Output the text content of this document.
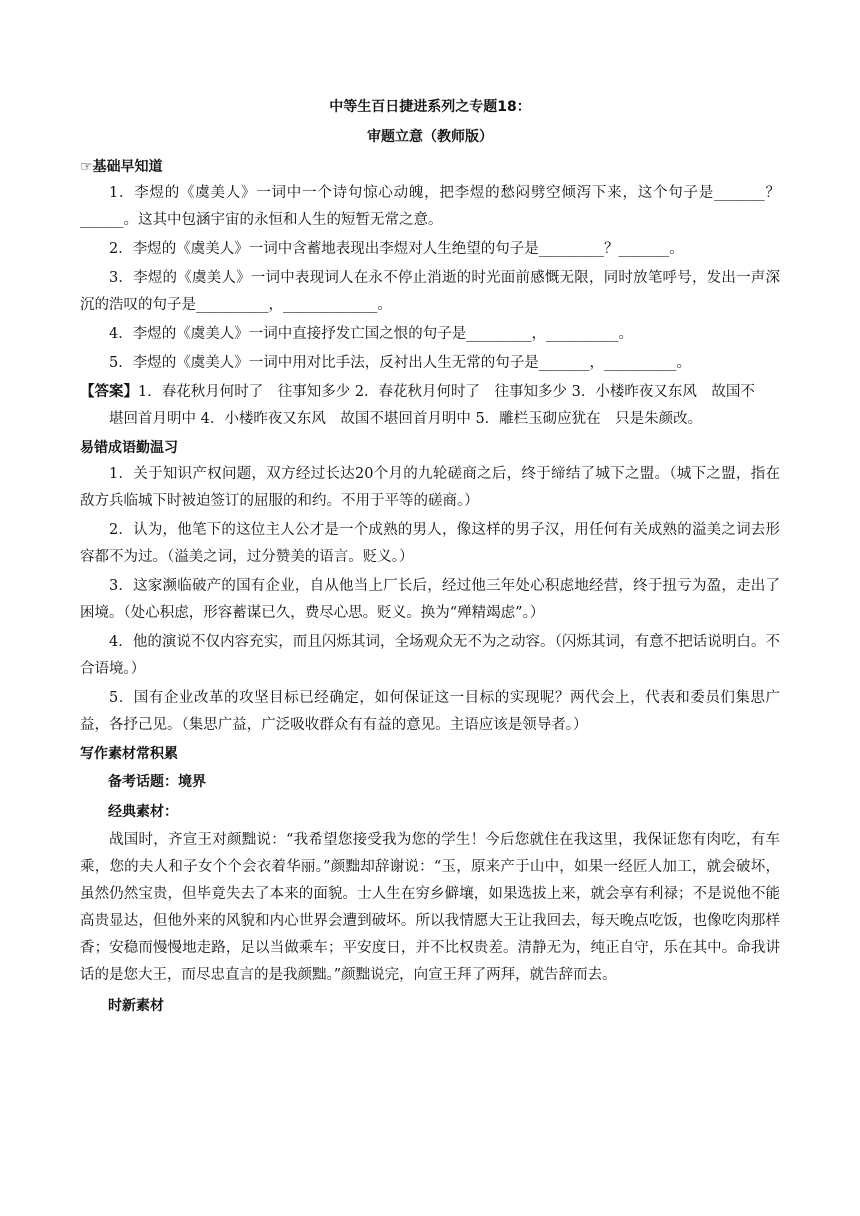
中等生百日捷进系列之专题18：
审题立意（教师版）
☞基础早知道

1．李煜的《虞美人》一词中一个诗句惊心动魄，把李煜的愁闷劈空倾泻下来，这个句子是_______？______。这其中包涵宇宙的永恒和人生的短暂无常之意。

2．李煜的《虞美人》一词中含蓄地表现出李煜对人生绝望的句子是_________？_______。

3．李煜的《虞美人》一词中表现词人在永不停止消逝的时光面前感慨无限，同时放笔呼号，发出一声深沉的浩叹的句子是__________，_____________。

4．李煜的《虞美人》一词中直接抒发亡国之恨的句子是_________，__________。

5．李煜的《虞美人》一词中用对比手法，反衬出人生无常的句子是_______，__________。

【答案】1．春花秋月何时了　往事知多少 2．春花秋月何时了　往事知多少 3．小楼昨夜又东风　故国不

堪回首月明中 4．小楼昨夜又东风　故国不堪回首月明中 5．雕栏玉砌应犹在　只是朱颜改。
易错成语勤温习

1．关于知识产权问题，双方经过长达20个月的九轮磋商之后，终于缔结了城下之盟。（城下之盟，指在敌方兵临城下时被迫签订的屈服的和约。不用于平等的磋商。）

2．认为，他笔下的这位主人公才是一个成熟的男人，像这样的男子汉，用任何有关成熟的溢美之词去形容都不为过。（溢美之词，过分赞美的语言。贬义。）

3．这家濒临破产的国有企业，自从他当上厂长后，经过他三年处心积虑地经营，终于扭亏为盈，走出了困境。（处心积虑，形容蓄谋已久，费尽心思。贬义。换为“殚精竭虑”。）

4．他的演说不仅内容充实，而且闪烁其词，全场观众无不为之动容。（闪烁其词，有意不把话说明白。不合语境。）

5．国有企业改革的攻坚目标已经确定，如何保证这一目标的实现呢？两代会上，代表和委员们集思广益，各抒己见。（集思广益，广泛吸收群众有有益的意见。主语应该是领导者。）

写作素材常积累
备考话题：境界
经典素材：

战国时，齐宣王对颜黜说：“我希望您接受我为您的学生！今后您就住在我这里，我保证您有肉吃，有车乘，您的夫人和子女个个会衣着华丽。”颜黜却辞谢说：“玉，原来产于山中，如果一经匠人加工，就会破坏，虽然仍然宝贵，但毕竟失去了本来的面貌。士人生在穷乡僻壤，如果选拔上来，就会享有利禄；不是说他不能高贵显达，但他外来的风貌和内心世界会遭到破坏。所以我情愿大王让我回去，每天晚点吃饭，也像吃肉那样香；安稳而慢慢地走路，足以当做乘车；平安度日，并不比权贵差。清静无为，纯正自守，乐在其中。命我讲话的是您大王，而尽忠直言的是我颜黜。”颜黜说完，向宣王拜了两拜，就告辞而去。

时新素材
